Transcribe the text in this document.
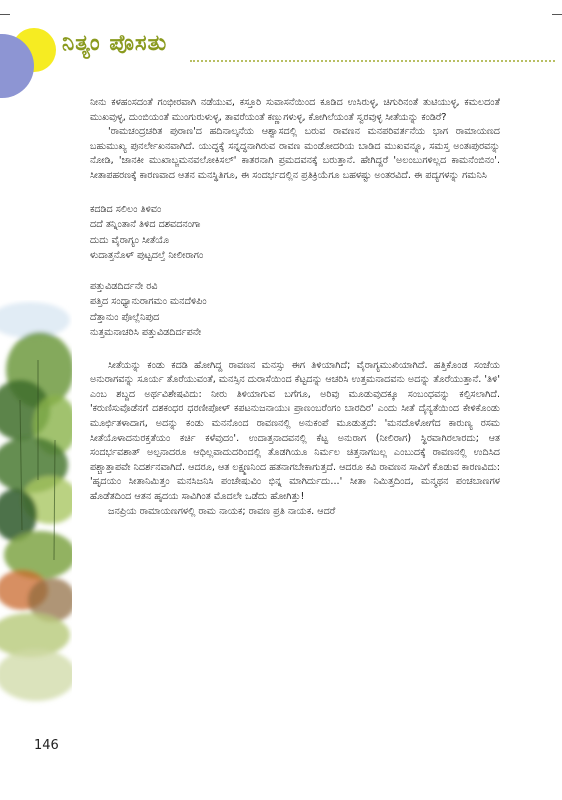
ನಿತ್ಯಂ ಪೊಸತು

ನೀನು ಕಳಹಂಸದಂತೆ ಗಂಭೀರವಾಗಿ ನಡೆಯುವ, ಕಸ್ತೂರಿ ಸುವಾಸನೆಯಿಂದ ಕೂಡಿದ ಉಸಿರುಳ್ಳ, ಚಿಗುರಿನಂತೆ ತುಟಿಯುಳ್ಳ, ಕಮಲದಂತೆ ಮುಖವುಳ್ಳ, ದುಂಬಿಯಂತೆ ಮುಂಗುರುಳುಳ್ಳ, ತಾವರೆಯಂತೆ ಕಣ್ಣುಗಳುಳ್ಳ, ಕೋಗಿಲೆಯಂತೆ ಸ್ವರವುಳ್ಳ ಸೀತೆಯನ್ನು ಕಂಡಿರೆ?

'ರಾಮಚಂದ್ರಚರಿತ ಪುರಾಣ'ದ ಹದಿನಾಲ್ಕನೆಯ ಆಶ್ವಾಸದಲ್ಲಿ ಬರುವ ರಾವಣನ ಮನಪರಿವರ್ತನೆಯ ಭಾಗ ರಾಮಾಯಣದ ಬಹುಮುಖ್ಯ ಪುನರ್ಲೇಖನವಾಗಿದೆ. ಯುದ್ಧಕ್ಕೆ ಸನ್ನದ್ಧನಾಗಿರುವ ರಾವಣ ಮಂಡೋದರಿಯ ಬಾಡಿದ ಮುಖವನ್ನೂ, ಸಮಸ್ತ ಅಂತಃಪುರವನ್ನು ನೋಡಿ, 'ಜಾನಕೀ ಮುಖಾಬ್ಜಮನವಲೋಕಿಸಲ್' ಕಾತರನಾಗಿ ಪ್ರಮದವನಕ್ಕೆ ಬರುತ್ತಾನೆ. ಹೇಗಿದ್ದರೆ 'ಅಲಂಬುಗಳಿಲ್ಲದ ಕಾಮನೆಂಬಿನಂ'. ಸೀತಾಪಹರಣಕ್ಕೆ ಕಾರಣವಾದ ಆತನ ಮನಸ್ಥಿತಿಗೂ, ಈ ಸಂದರ್ಭದಲ್ಲಿನ ಪ್ರತಿಕ್ರಿಯೆಗೂ ಬಹಳಷ್ಟು ಅಂತರವಿದೆ. ಈ ಪದ್ಯಗಳನ್ನು ಗಮನಿಸಿ

ಕದಡಿದ ಸಲಿಲಂ ತಿಳಿವಂ
ದದೆ ತನ್ನಿಂತಾನೆ ತಿಳಿದ ದಶವದನಂಗಾ
ದುದು ವೈರಾಗ್ಯಂ ಸೀತೆಯೊ
ಳುದಾತ್ತನೊಳ್ ಪುಟ್ಟದಲ್ತೆ ನೀಲೀರಾಗಂ
ಪತ್ತುವಿಡದಿರ್ದನೇ ರವಿ
ಪತ್ತಿದ ಸಂಧ್ಯಾನುರಾಗಮಂ ಮನದೆಳಿಪಿಂ
ದೆತ್ತಾನುಂ ಪೊಲ್ಲೆನಿಪುದ
ನುತ್ತಮನಾಚರಿಸಿ ಪತ್ತುವಿಡದಿರ್ದಪನೇ

ಸೀತೆಯನ್ನು ಕಂಡು ಕದಡಿ ಹೋಗಿದ್ದ ರಾವಣನ ಮನಸ್ಸು ಈಗ ತಿಳಿಯಾಗಿದೆ; ವೈರಾಗ್ಯಮುಖಿಯಾಗಿದೆ. ಹತ್ತಿಕೊಂಡ ಸಂಜೆಯ ಅನುರಾಗವನ್ನು ಸೂರ್ಯ ತೊರೆಯುವಂತೆ, ಮನಸ್ಸಿನ ದುರಾಸೆಯಿಂದ ಕೆಟ್ಟದನ್ನು ಆಚರಿಸಿ ಉತ್ತಮನಾದವನು ಅದನ್ನು ತೊರೆಯುತ್ತಾನೆ. 'ತಿಳಿ' ಎಂಬ ಶಬ್ದದ ಅರ್ಥವಿಶೇಷವಿದು: ನೀರು ತಿಳಿಯಾಗುವ ಬಗೆಗೂ, ಅರಿವು ಮೂಡುವುದಕ್ಕೂ ಸಂಬಂಧವನ್ನು ಕಲ್ಪಿಸಲಾಗಿದೆ. 'ಕರುಣಿಸುವೊಡೆನಗೆ ದಶಕಂಧರ ಧರಣೀಪೋಳ್ ಕಪಟನುಜನಾಯುಃ ಪ್ರಾಣಂಬರೆಂಗಂ ಬಾರದಿರ' ಎಂದು ಸೀತೆ ದೈನ್ಯತೆಯಿಂದ ಕೇಳಿಕೊಂಡು ಮೂರ್ಛಿತಳಾದಾಗ, ಅದನ್ನು ಕಂಡು ಮನನೊಂದ ರಾವಣನಲ್ಲಿ ಅನುಕಂಪೆ ಮೂಡುತ್ತದೆ: 'ಮನದೊಳೋಗೆದ ಕಾರುಣ್ಯ ರಸಮ ಸೀತೆಯೊಳಾದನುರಕ್ತತೆಯಂ ಕರ್ಚಿ ಕಳೆವುದಂ'. ಉದಾತ್ತನಾದವನಲ್ಲಿ ಕೆಟ್ಟ ಅನುರಾಗ (ನೀಲಿರಾಗ) ಸ್ಥಿರವಾಗಿರಲಾರದು; ಆತ ಸಂದರ್ಭವಶಾತ್ ಅಲ್ಪನಾದರೂ ಆಧಿಲ್ಲವಾದುದರಿಂದಲ್ಲಿ ತೊಡಗಿಯೂ ನಿರ್ಮಲ ಚಿತ್ತನಾಗಬಲ್ಲ ಎಂಬುದಕ್ಕೆ ರಾವಣನಲ್ಲಿ ಉದಿಸಿದ ಪಶ್ಚಾತ್ತಾಪವೇ ನಿದರ್ಶನವಾಗಿದೆ. ಆದರೂ, ಆತ ಲಕ್ಷ್ಮಣನಿಂದ ಹತನಾಗಬೇಕಾಗುತ್ತದೆ. ಆದರೂ ಕವಿ ರಾವಣನ ಸಾವಿಗೆ ಕೊಡುವ ಕಾರಣವಿದು: 'ಹೃದಯಂ ಸೀತಾನಿಮಿತ್ತಂ ಮನಸಿಜನಿಸಿ ಪಂಚೇಷುವಿಂ ಭಿನ್ನ ಮಾಗಿರ್ದುದು...' ಸೀತಾ ನಿಮಿತ್ತದಿಂದ, ಮನ್ಮಥನ ಪಂಚಬಾಣಗಳ ಹೊಡೆತದಿಂದ ಆತನ ಹೃದಯ ಸಾವಿಗಿಂತ ಮೊದಲೇ ಒಡೆದು ಹೋಗಿತ್ತು!

ಜನಪ್ರಿಯ ರಾಮಾಯಣಗಳಲ್ಲಿ ರಾಮ ನಾಯಕ; ರಾವಣ ಪ್ರತಿ ನಾಯಕ. ಆದರೆ

146
